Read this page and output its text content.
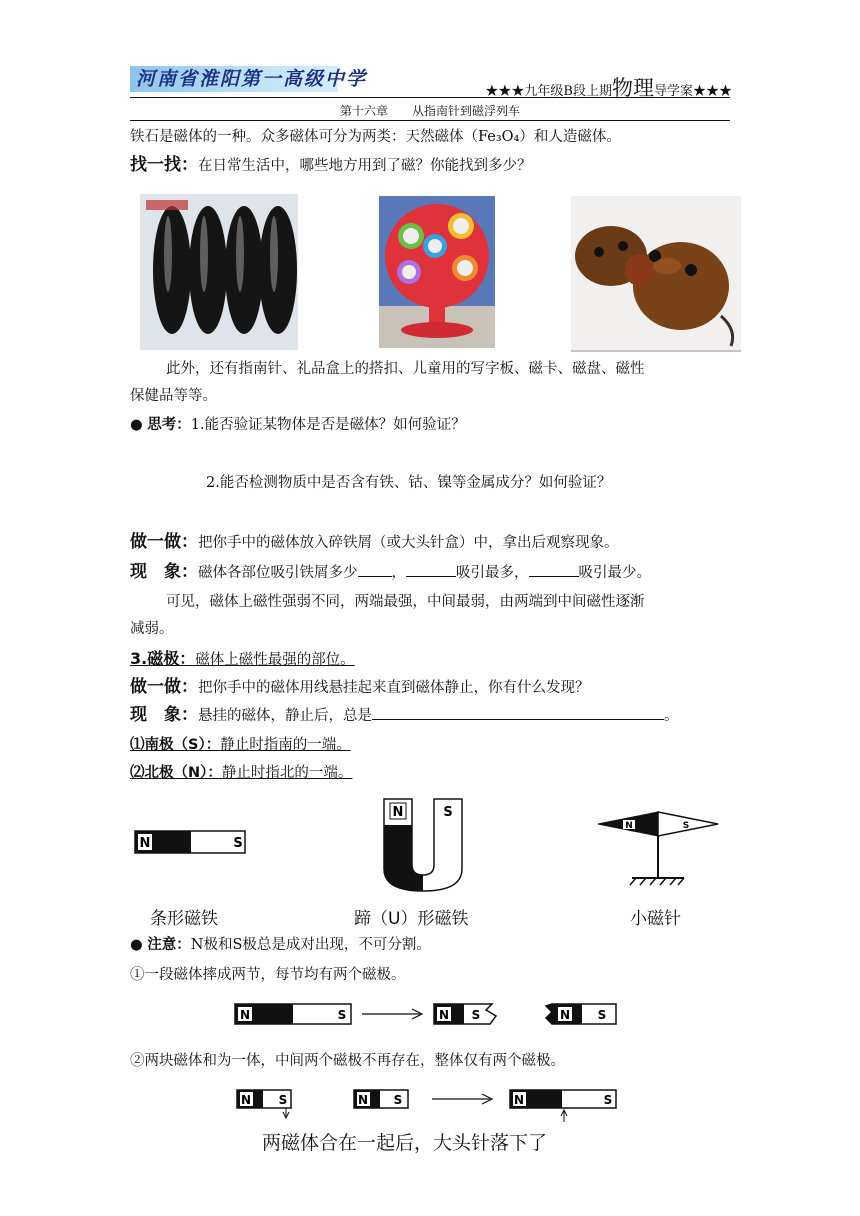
河南省淮阳第一高级中学
★★★九年级B段上期物理导学案★★★
第十六章　　从指南针到磁浮列车
铁石是磁体的一种。众多磁体可分为两类：天然磁体（Fe₃O₄）和人造磁体。
找一找：在日常生活中，哪些地方用到了磁？你能找到多少？
此外，还有指南针、礼品盒上的搭扣、儿童用的写字板、磁卡、磁盘、磁性
保健品等等。
● 思考：1.能否验证某物体是否是磁体？如何验证？
2.能否检测物质中是否含有铁、钴、镍等金属成分？如何验证？
做一做：把你手中的磁体放入碎铁屑（或大头针盒）中，拿出后观察现象。
现　象：磁体各部位吸引铁屑多少 ，	吸引最多，	吸引最少。
可见，磁体上磁性强弱不同，两端最强，中间最弱，由两端到中间磁性逐渐
减弱。
3.磁极：磁体上磁性最强的部位。
做一做：把你手中的磁体用线悬挂起来直到磁体静止，你有什么发现？
现　象：悬挂的磁体，静止后，总是	。
⑴南极（S）：静止时指南的一端。
⑵北极（N）：静止时指北的一端。
N	S
N	S
N	S
条形磁铁	蹄（U）形磁铁	小磁针
● 注意：N极和S极总是成对出现，不可分割。
①一段磁体摔成两节，每节均有两个磁极。
N	S	N S	N S
②两块磁体和为一体，中间两个磁极不再存在，整体仅有两个磁极。
N S	N S	N	S
两磁体合在一起后，大头针落下了
